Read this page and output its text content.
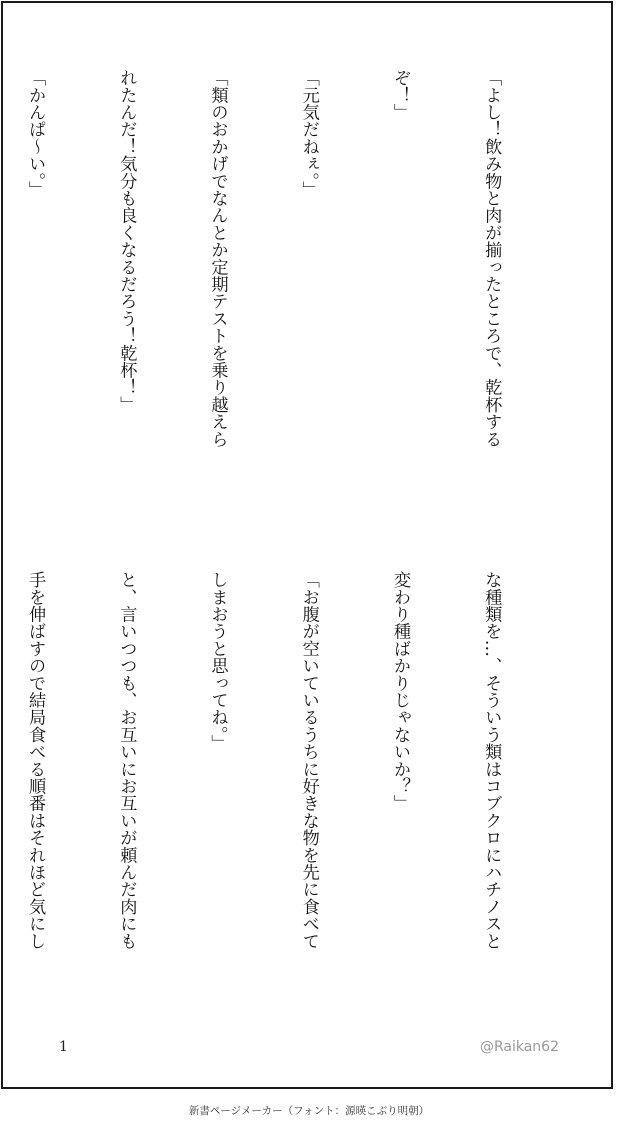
「よし！飲み物と肉が揃ったところで、乾杯する

ぞ！」

「元気だねぇ。」

「類のおかげでなんとか定期テストを乗り越えら

れたんだ！気分も良くなるだろう！乾杯！」

「かんぱ〜い。」

な種類を…、そういう類はコブクロにハチノスと

変わり種ばかりじゃないか？」

「お腹が空いているうちに好きな物を先に食べて

しまおうと思ってね。」

と、言いつつも、お互いにお互いが頼んだ肉にも

手を伸ばすので結局食べる順番はそれほど気にし

1	@Raikan62
新書ページメーカー（フォント：源暎こぶり明朝）
